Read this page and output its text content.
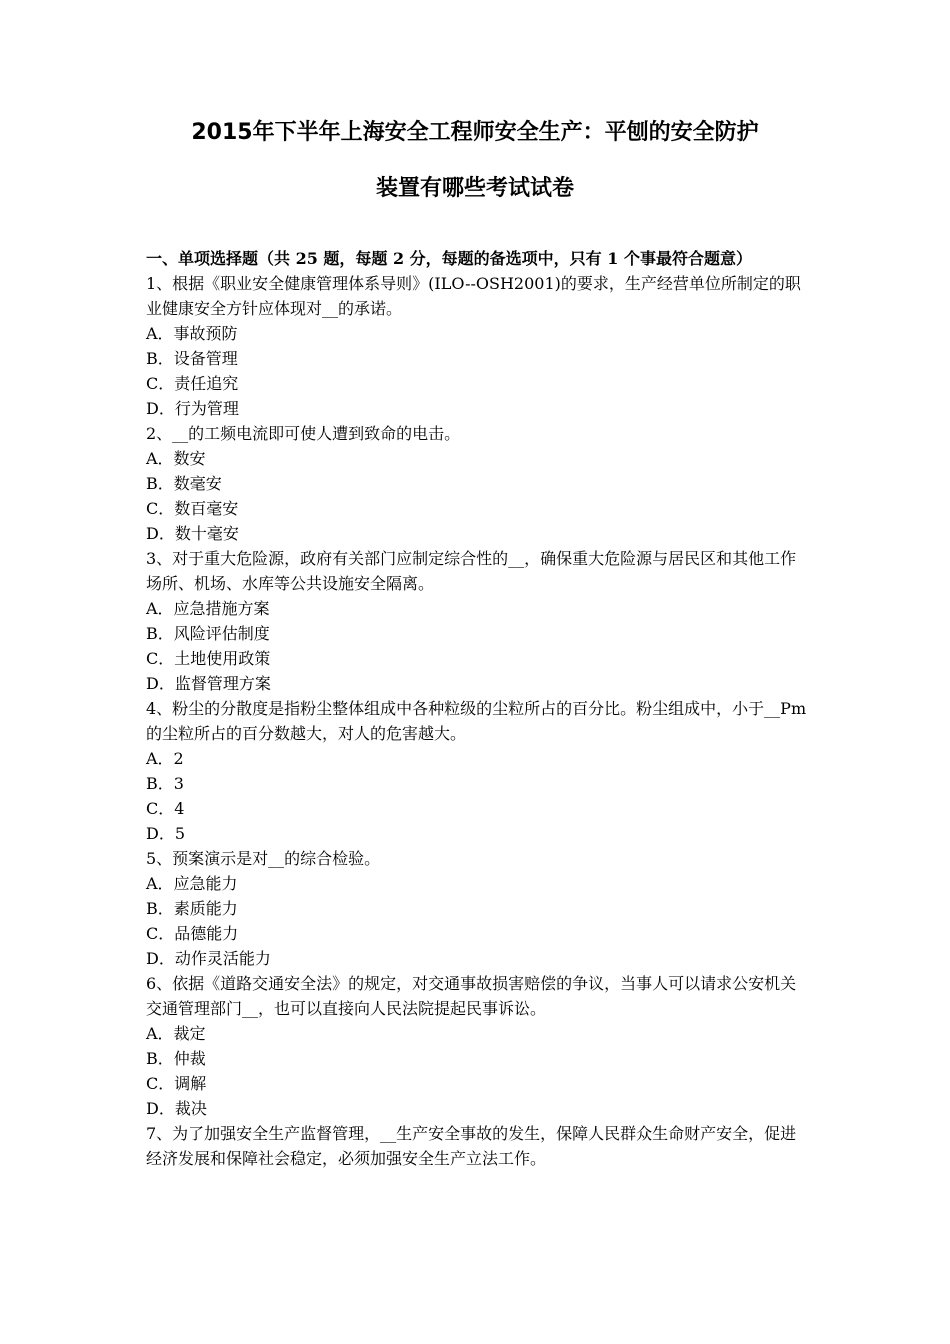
2015年下半年上海安全工程师安全生产：平刨的安全防护
装置有哪些考试试卷
一、单项选择题（共 25 题，每题 2 分，每题的备选项中，只有 1 个事最符合题意）
1、根据《职业安全健康管理体系导则》(ILO--OSH2001)的要求，生产经营单位所制定的职业健康安全方针应体现对__的承诺。
A．事故预防
B．设备管理
C．责任追究
D．行为管理
2、__的工频电流即可使人遭到致命的电击。
A．数安
B．数毫安
C．数百毫安
D．数十毫安
3、对于重大危险源，政府有关部门应制定综合性的__，确保重大危险源与居民区和其他工作场所、机场、水库等公共设施安全隔离。
A．应急措施方案
B．风险评估制度
C．土地使用政策
D．监督管理方案
4、粉尘的分散度是指粉尘整体组成中各种粒级的尘粒所占的百分比。粉尘组成中，小于__Pm 的尘粒所占的百分数越大，对人的危害越大。
A．2
B．3
C．4
D．5
5、预案演示是对__的综合检验。
A．应急能力
B．素质能力
C．品德能力
D．动作灵活能力
6、依据《道路交通安全法》的规定，对交通事故损害赔偿的争议，当事人可以请求公安机关交通管理部门__，也可以直接向人民法院提起民事诉讼。
A．裁定
B．仲裁
C．调解
D．裁决
7、为了加强安全生产监督管理，__生产安全事故的发生，保障人民群众生命财产安全，促进经济发展和保障社会稳定，必须加强安全生产立法工作。
